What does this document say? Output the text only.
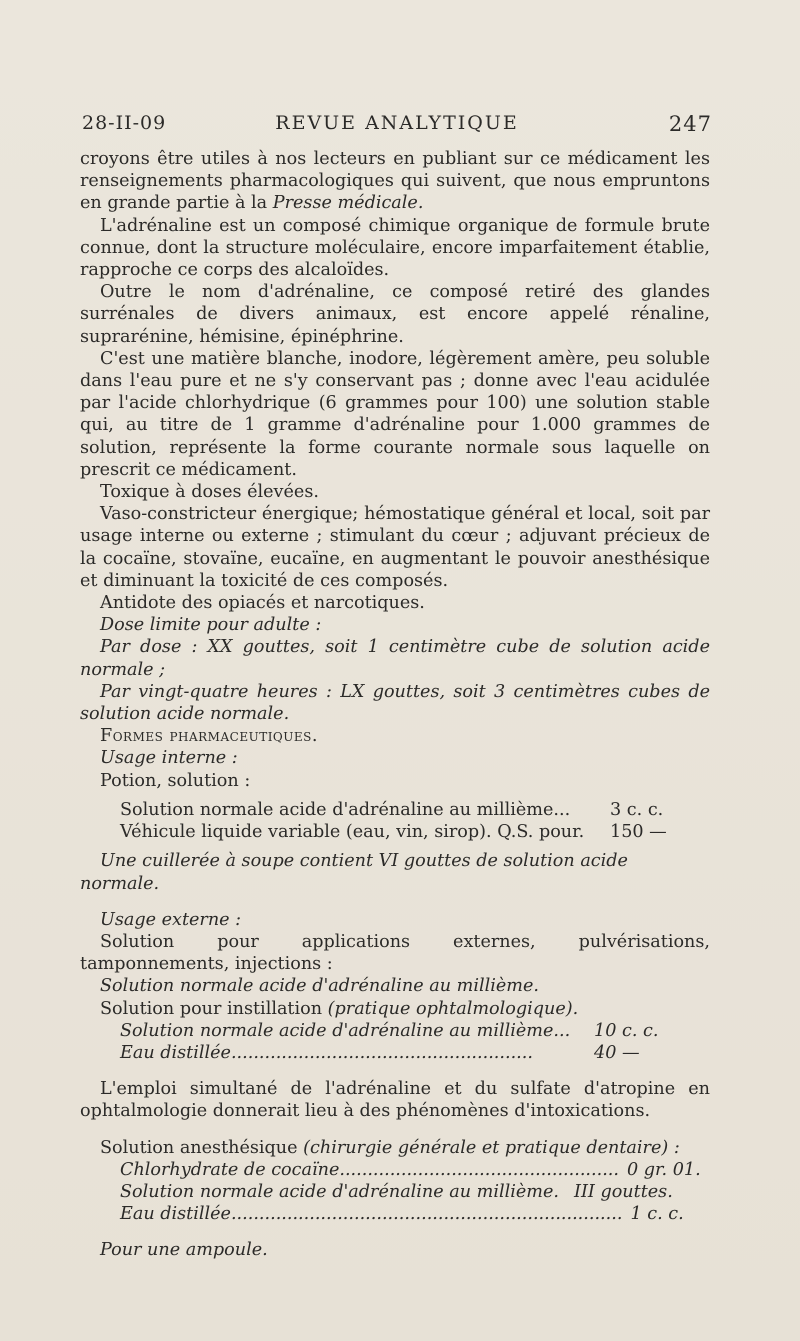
28-II-09	REVUE ANALYTIQUE	247

croyons être utiles à nos lecteurs en publiant sur ce médicament les renseignements pharmacologiques qui suivent, que nous empruntons en grande partie à la Presse médicale.

L'adrénaline est un composé chimique organique de formule brute connue, dont la structure moléculaire, encore imparfaitement établie, rapproche ce corps des alcaloïdes.

Outre le nom d'adrénaline, ce composé retiré des glandes surrénales de divers animaux, est encore appelé rénaline, suprarénine, hémisine, épinéphrine.

C'est une matière blanche, inodore, légèrement amère, peu soluble dans l'eau pure et ne s'y conservant pas ; donne avec l'eau acidulée par l'acide chlorhydrique (6 grammes pour 100) une solution stable qui, au titre de 1 gramme d'adrénaline pour 1.000 grammes de solution, représente la forme courante normale sous laquelle on prescrit ce médicament.

Toxique à doses élevées.

Vaso-constricteur énergique; hémostatique général et local, soit par usage interne ou externe ; stimulant du cœur ; adjuvant précieux de la cocaïne, stovaïne, eucaïne, en augmentant le pouvoir anesthésique et diminuant la toxicité de ces composés.

Antidote des opiacés et narcotiques.

Dose limite pour adulte :

Par dose : XX gouttes, soit 1 centimètre cube de solution acide normale ;

Par vingt-quatre heures : LX gouttes, soit 3 centimètres cubes de solution acide normale.

Formes pharmaceutiques.

Usage interne :

Potion, solution :

Solution normale acide d'adrénaline au millième...	3 c. c.
Véhicule liquide variable (eau, vin, sirop). Q.S. pour.	150 —

Une cuillerée à soupe contient VI gouttes de solution acide normale.

Usage externe :

Solution pour applications externes, pulvérisations, tamponnements, injections :

Solution normale acide d'adrénaline au millième.

Solution pour instillation (pratique ophtalmologique).

Solution normale acide d'adrénaline au millième...	10 c. c.
Eau distillée......................................................	40 —

L'emploi simultané de l'adrénaline et du sulfate d'atropine en ophtalmologie donnerait lieu à des phénomènes d'intoxications.

Solution anesthésique (chirurgie générale et pratique dentaire) :

Chlorhydrate de cocaïne.................................................. 0 gr. 01.
Solution normale acide d'adrénaline au millième. III gouttes.
Eau distillée...................................................................... 1 c. c.

Pour une ampoule.
